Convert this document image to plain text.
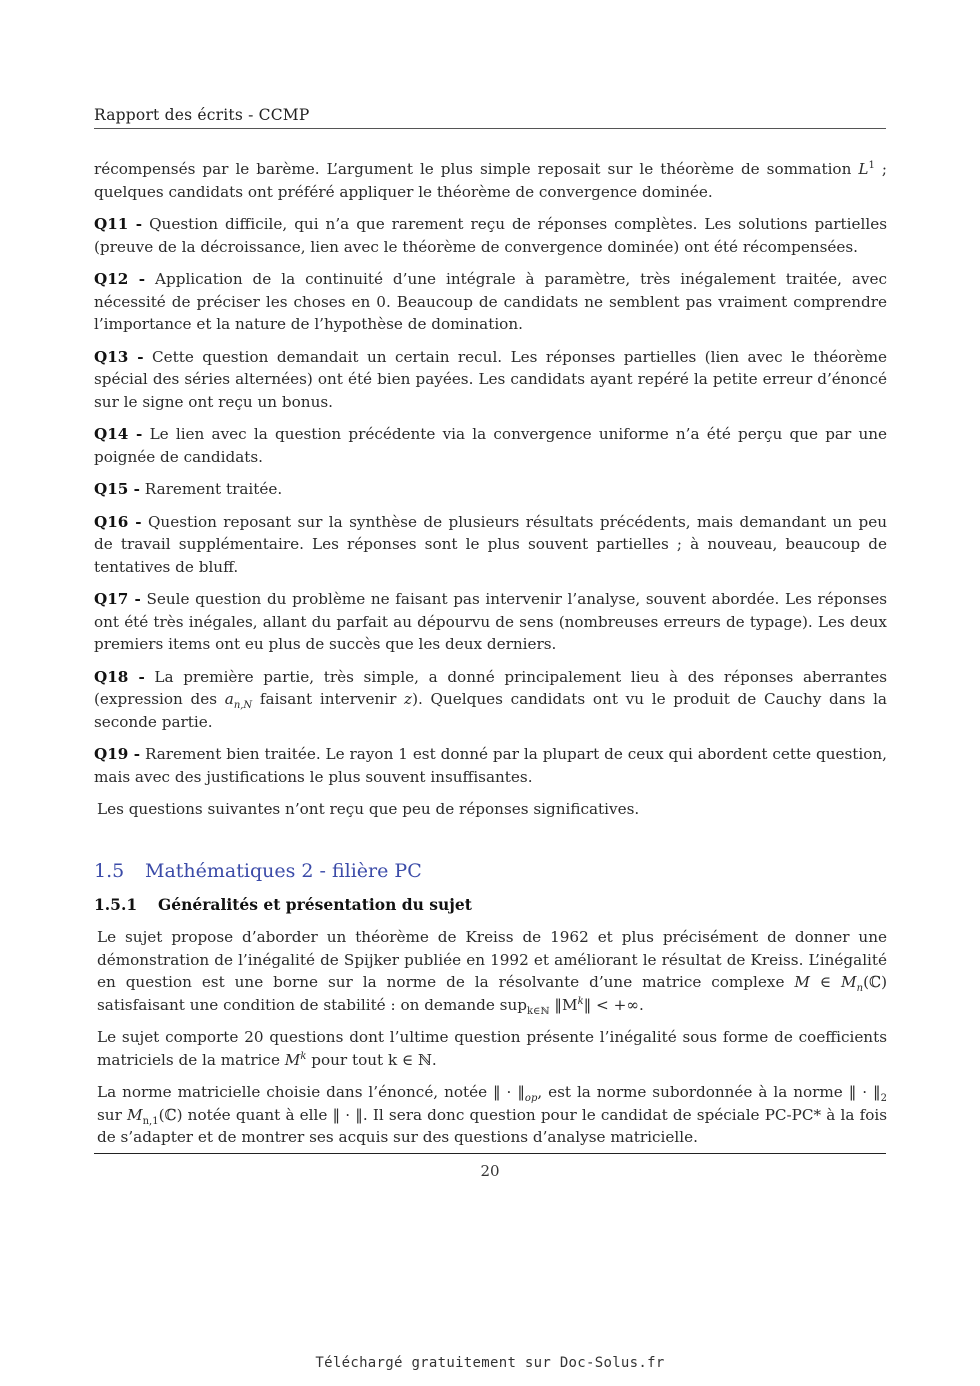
Rapport des écrits - CCMP

récompensés par le barème. L’argument le plus simple reposait sur le théorème de sommation $L^1$ ; quelques candidats ont préféré appliquer le théorème de convergence dominée.

Q11 - Question difficile, qui n’a que rarement reçu de réponses complètes. Les solutions partielles (preuve de la décroissance, lien avec le théorème de convergence dominée) ont été récompensées.

Q12 - Application de la continuité d’une intégrale à paramètre, très inégalement traitée, avec nécessité de préciser les choses en 0. Beaucoup de candidats ne semblent pas vraiment comprendre l’importance et la nature de l’hypothèse de domination.

Q13 - Cette question demandait un certain recul. Les réponses partielles (lien avec le théorème spécial des séries alternées) ont été bien payées. Les candidats ayant repéré la petite erreur d’énoncé sur le signe ont reçu un bonus.

Q14 - Le lien avec la question précédente via la convergence uniforme n’a été perçu que par une poignée de candidats.

Q15 - Rarement traitée.

Q16 - Question reposant sur la synthèse de plusieurs résultats précédents, mais demandant un peu de travail supplémentaire. Les réponses sont le plus souvent partielles ; à nouveau, beaucoup de tentatives de bluff.

Q17 - Seule question du problème ne faisant pas intervenir l’analyse, souvent abordée. Les réponses ont été très inégales, allant du parfait au dépourvu de sens (nombreuses erreurs de typage). Les deux premiers items ont eu plus de succès que les deux derniers.

Q18 - La première partie, très simple, a donné principalement lieu à des réponses aberrantes (expression des $a_{n,N}$ faisant intervenir z). Quelques candidats ont vu le produit de Cauchy dans la seconde partie.

Q19 - Rarement bien traitée. Le rayon 1 est donné par la plupart de ceux qui abordent cette question, mais avec des justifications le plus souvent insuffisantes.

Les questions suivantes n’ont reçu que peu de réponses significatives.

1.5 Mathématiques 2 - filière PC
1.5.1 Généralités et présentation du sujet

Le sujet propose d’aborder un théorème de Kreiss de 1962 et plus précisément de donner une démonstration de l’inégalité de Spijker publiée en 1992 et améliorant le résultat de Kreiss. L’inégalité en question est une borne sur la norme de la résolvante d’une matrice complexe M ∈ $M_n(ℂ)$ satisfaisant une condition de stabilité : on demande sup$_{k\in ℕ}$ $‖M^k‖$ < +∞.

Le sujet comporte 20 questions dont l’ultime question présente l’inégalité sous forme de coefficients matriciels de la matrice $M^k$ pour tout k ∈ ℕ.

La norme matricielle choisie dans l’énoncé, notée ‖ · $‖_{op}$, est la norme subordonnée à la norme ‖ · $‖_2$ sur $M_{n,1}(ℂ)$ notée quant à elle ‖ · ‖. Il sera donc question pour le candidat de spéciale PC-PC* à la fois de s’adapter et de montrer ses acquis sur des questions d’analyse matricielle.

20
Téléchargé gratuitement sur Doc-Solus.fr
